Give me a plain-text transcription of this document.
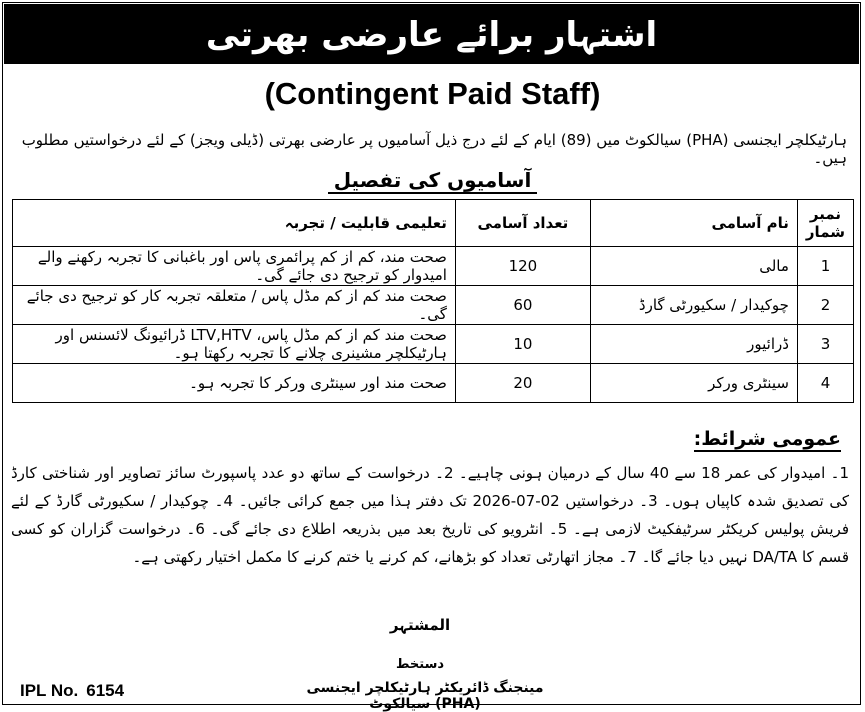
اشتہار برائے عارضی بھرتی
(Contingent Paid Staff)
ہارٹیکلچر ایجنسی (PHA) سیالکوٹ میں (89) ایام کے لئے درج ذیل آسامیوں پر عارضی بھرتی (ڈیلی ویجز) کے لئے درخواستیں مطلوب ہیں۔
آسامیوں کی تفصیل
نمبر شمار	نام آسامی	تعداد آسامی	تعلیمی قابلیت / تجربہ
1	مالی	120	صحت مند، کم از کم پرائمری پاس اور باغبانی کا تجربہ رکھنے والے امیدوار کو ترجیح دی جائے گی۔
2	چوکیدار / سکیورٹی گارڈ	60	صحت مند کم از کم مڈل پاس / متعلقہ تجربہ کار کو ترجیح دی جائے گی۔
3	ڈرائیور	10	صحت مند کم از کم مڈل پاس، LTV,HTV ڈرائیونگ لائسنس اور ہارٹیکلچر مشینری چلانے کا تجربہ رکھتا ہو۔
4	سینٹری ورکر	20	صحت مند اور سینٹری ورکر کا تجربہ ہو۔
عمومی شرائط:
1۔ امیدوار کی عمر 18 سے 40 سال کے درمیان ہونی چاہیے۔ 2۔ درخواست کے ساتھ دو عدد پاسپورٹ سائز تصاویر اور شناختی کارڈ کی تصدیق شدہ کاپیاں ہوں۔ 3۔ درخواستیں 02-07-2026 تک دفتر ہذا میں جمع کرائی جائیں۔ 4۔ چوکیدار / سکیورٹی گارڈ کے لئے فریش پولیس کریکٹر سرٹیفکیٹ لازمی ہے۔ 5۔ انٹرویو کی تاریخ بعد میں بذریعہ اطلاع دی جائے گی۔ 6۔ درخواست گزاران کو کسی قسم کا DA/TA نہیں دیا جائے گا۔ 7۔ مجاز اتھارٹی تعداد کو بڑھانے، کم کرنے یا ختم کرنے کا مکمل اختیار رکھتی ہے۔
المشتہر
دستخط
مینجنگ ڈائریکٹر ہارٹیکلچر ایجنسی (PHA) سیالکوٹ
IPL No. 6154
